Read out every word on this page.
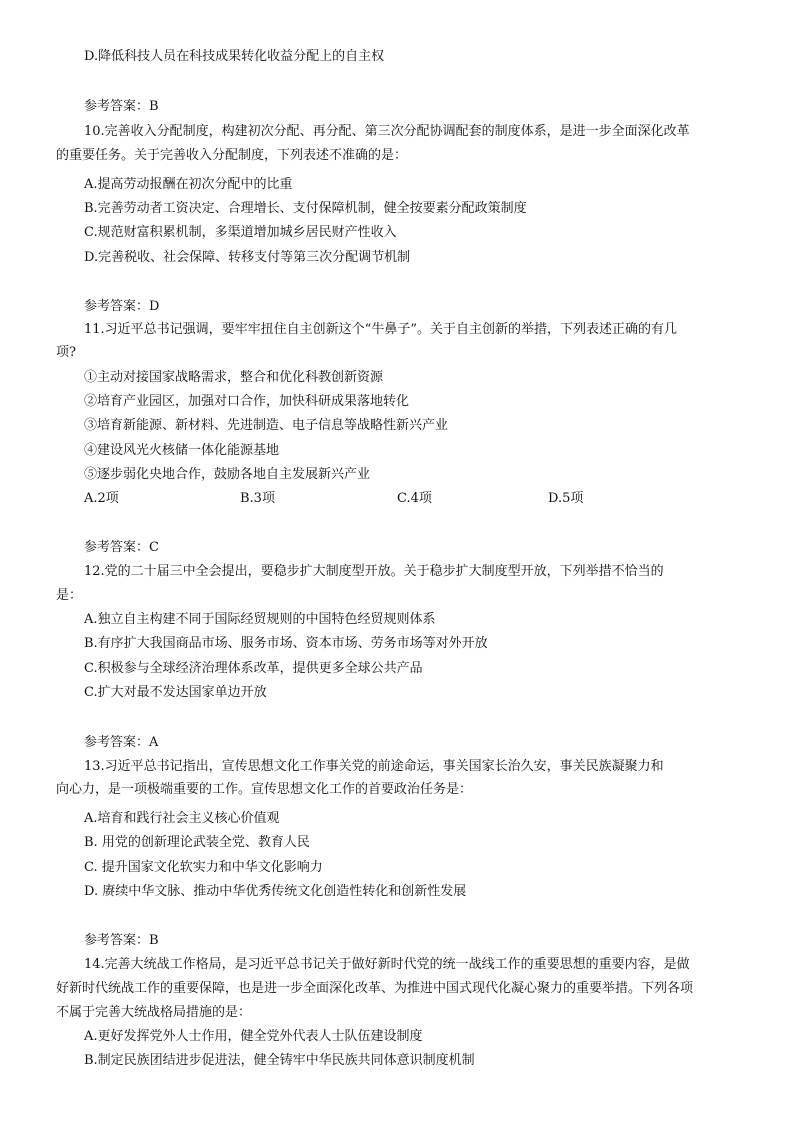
D.降低科技人员在科技成果转化收益分配上的自主权
参考答案：B
10.完善收入分配制度，构建初次分配、再分配、第三次分配协调配套的制度体系，是进一步全面深化改革
的重要任务。关于完善收入分配制度，下列表述不准确的是：
A.提高劳动报酬在初次分配中的比重
B.完善劳动者工资决定、合理增长、支付保障机制，健全按要素分配政策制度
C.规范财富积累机制，多渠道增加城乡居民财产性收入
D.完善税收、社会保障、转移支付等第三次分配调节机制
参考答案：D
11.习近平总书记强调，要牢牢扭住自主创新这个“牛鼻子”。关于自主创新的举措，下列表述正确的有几
项?
①主动对接国家战略需求，整合和优化科教创新资源
②培育产业园区，加强对口合作，加快科研成果落地转化
③培育新能源、新材料、先进制造、电子信息等战略性新兴产业
④建设风光火核储一体化能源基地
⑤逐步弱化央地合作，鼓励各地自主发展新兴产业
A.2项	B.3项	C.4项	D.5项
参考答案：C
12.党的二十届三中全会提出，要稳步扩大制度型开放。关于稳步扩大制度型开放，下列举措不恰当的
是：
A.独立自主构建不同于国际经贸规则的中国特色经贸规则体系
B.有序扩大我国商品市场、服务市场、资本市场、劳务市场等对外开放
C.积极参与全球经济治理体系改革，提供更多全球公共产品
C.扩大对最不发达国家单边开放
参考答案：A
13.习近平总书记指出，宣传思想文化工作事关党的前途命运，事关国家长治久安，事关民族凝聚力和
向心力，是一项极端重要的工作。宣传思想文化工作的首要政治任务是：
A.培育和践行社会主义核心价值观
B. 用党的创新理论武装全党、教育人民
C. 提升国家文化软实力和中华文化影响力
D. 赓续中华文脉、推动中华优秀传统文化创造性转化和创新性发展
参考答案：B
14.完善大统战工作格局，是习近平总书记关于做好新时代党的统一战线工作的重要思想的重要内容，是做
好新时代统战工作的重要保障，也是进一步全面深化改革、为推进中国式现代化凝心聚力的重要举措。下列各项
不属于完善大统战格局措施的是：
A.更好发挥党外人士作用，健全党外代表人士队伍建设制度
B.制定民族团结进步促进法，健全铸牢中华民族共同体意识制度机制
